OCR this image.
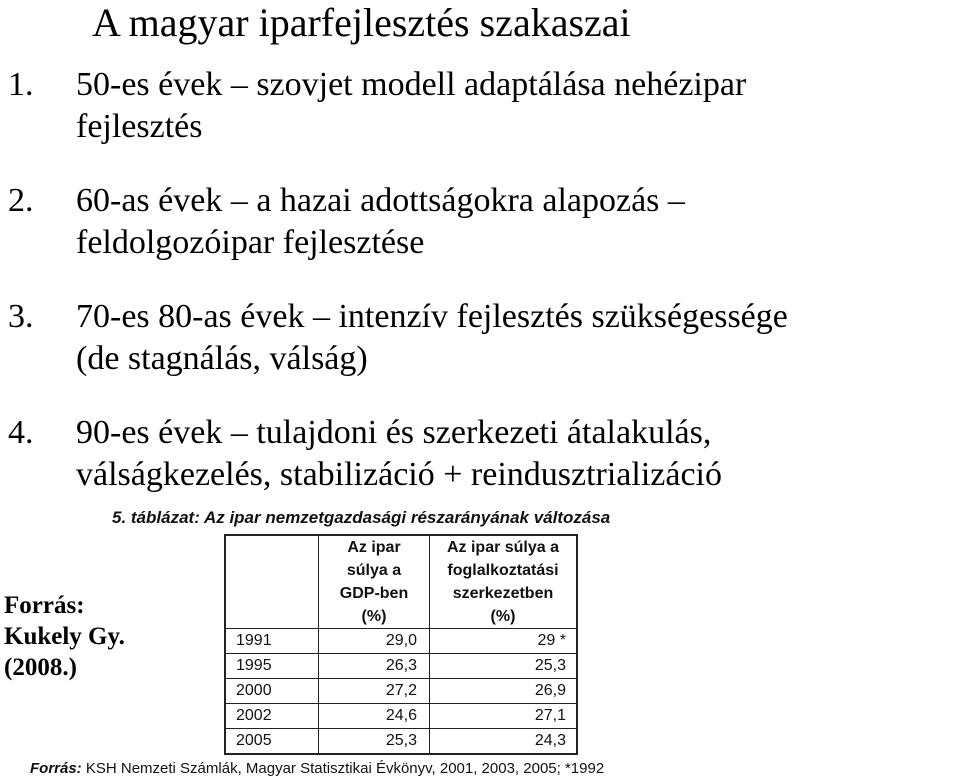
A magyar iparfejlesztés szakaszai
1. 50-es évek – szovjet modell adaptálása nehézipar
fejlesztés
2. 60-as évek – a hazai adottságokra alapozás –
feldolgozóipar fejlesztése
3. 70-es 80-as évek – intenzív fejlesztés szükségessége
(de stagnálás, válság)
4. 90-es évek – tulajdoni és szerkezeti átalakulás,
válságkezelés, stabilizáció + reindusztrializáció
Forrás:
Kukely Gy.
(2008.)
5. táblázat: Az ipar nemzetgazdasági részarányának változása

	Az ipar
súlya a
GDP-ben
(%)	Az ipar súlya a
foglalkoztatási
szerkezetben
(%)

1991	29,0	29 *
1995	26,3	25,3
2000	27,2	26,9
2002	24,6	27,1
2005	25,3	24,3
Forrás: KSH Nemzeti Számlák, Magyar Statisztikai Évkönyv, 2001, 2003, 2005; *1992
